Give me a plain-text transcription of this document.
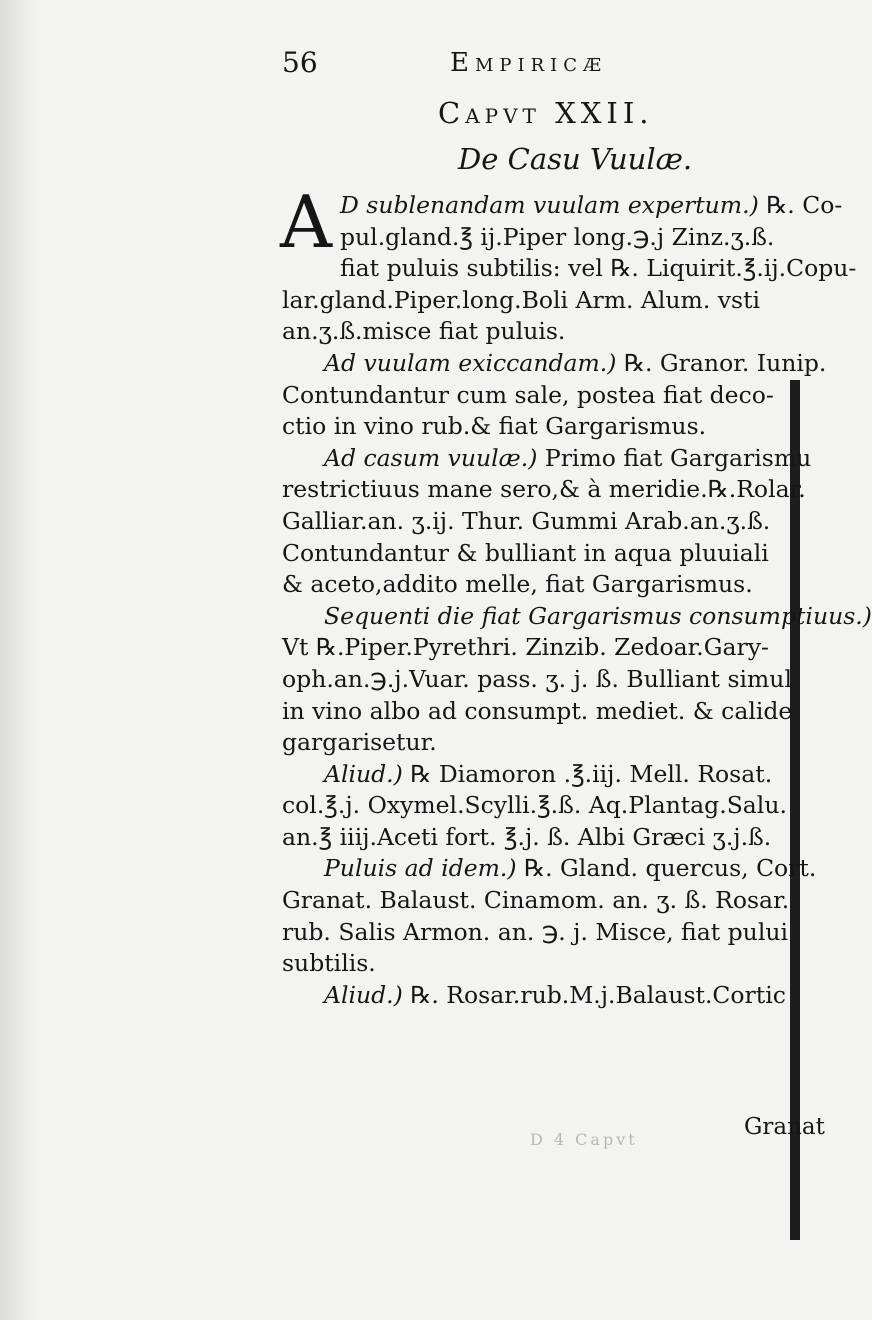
56	Empiricæ
Capvt XXII.
De Casu Vuulæ.
A D sublenandam vuulam expertum.) ℞. Co-
pul.gland.℥ ij.Piper long.℈.j Zinz.ʒ.ß.
fiat puluis subtilis: vel ℞. Liquirit.℥.ij.Copu-
lar.gland.Piper.long.Boli Arm. Alum. vsti
an.ʒ.ß.misce fiat puluis.
Ad vuulam exiccandam.) ℞. Granor. Iunip.
Contundantur cum sale, postea fiat deco-
ctio in vino rub.& fiat Gargarismus.
Ad casum vuulæ.) Primo fiat Gargarismu
restrictiuus mane sero,& à meridie.℞.Rolar.
Galliar.an. ʒ.ij. Thur. Gummi Arab.an.ʒ.ß.
Contundantur & bulliant in aqua pluuiali
& aceto,addito melle, fiat Gargarismus.
Sequenti die fiat Gargarismus consumptiuus.)
Vt ℞.Piper.Pyrethri. Zinzib. Zedoar.Gary-
oph.an.℈.j.Vuar. pass. ʒ. j. ß. Bulliant simul
in vino albo ad consumpt. mediet. & calide
gargarisetur.
Aliud.) ℞ Diamoron .℥.iij. Mell. Rosat.
col.℥.j. Oxymel.Scylli.℥.ß. Aq.Plantag.Salu.
an.℥ iiij.Aceti fort. ℥.j. ß. Albi Græci ʒ.j.ß.
Puluis ad idem.) ℞. Gland. quercus, Cort.
Granat. Balaust. Cinamom. an. ʒ. ß. Rosar.
rub. Salis Armon. an. ℈. j. Misce, fiat pului
subtilis.
Aliud.) ℞. Rosar.rub.M.j.Balaust.Cortic
D 4 Capvt	Granat
